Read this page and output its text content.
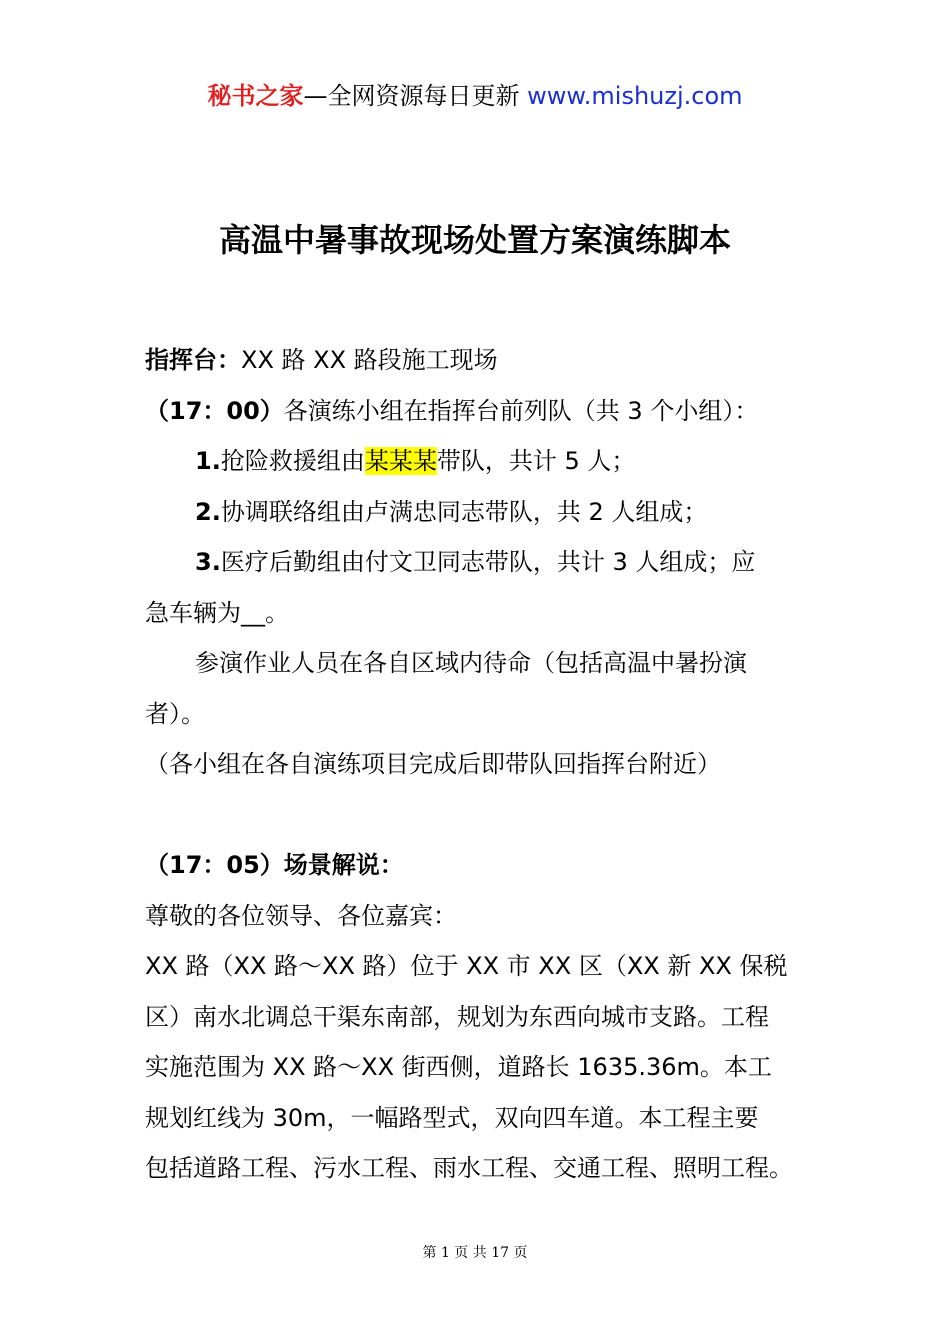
秘书之家—全网资源每日更新 www.mishuzj.com
高温中暑事故现场处置方案演练脚本

指挥台：XX 路 XX 路段施工现场

（17：00）各演练小组在指挥台前列队（共 3 个小组）：

1.抢险救援组由某某某带队，共计 5 人；

2.协调联络组由卢满忠同志带队，共 2 人组成；

3.医疗后勤组由付文卫同志带队，共计 3 人组成；应

急车辆为__。

参演作业人员在各自区域内待命（包括高温中暑扮演

者）。

（各小组在各自演练项目完成后即带队回指挥台附近）

（17：05）场景解说：

尊敬的各位领导、各位嘉宾：

XX 路（XX 路～XX 路）位于 XX 市 XX 区（XX 新 XX 保税

区）南水北调总干渠东南部，规划为东西向城市支路。工程

实施范围为 XX 路～XX 街西侧，道路长 1635.36m。本工

规划红线为 30m，一幅路型式，双向四车道。本工程主要

包括道路工程、污水工程、雨水工程、交通工程、照明工程。

第 1 页 共 17 页
